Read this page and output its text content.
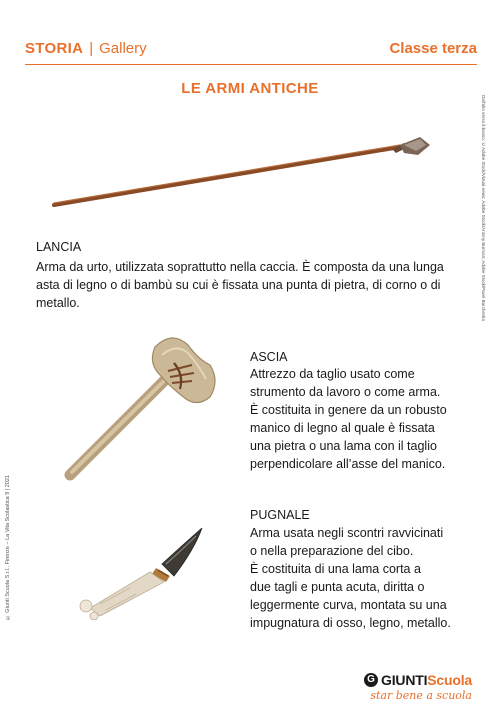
STORIA | Gallery	Classe terza
LE ARMI ANTICHE
Dall'alto verso il basso: ©Adobe Stock/Vizual-news; Adobe Stock/Antony Burman; Adobe Stock/Pavel Burchenko
© Giunti Scuola S.r.l., Firenze – La Vita Scolastica 9 | 2021
LANCIA
Arma da urto, utilizzata soprattutto nella caccia. È composta da una lunga
asta di legno o di bambù su cui è fissata una punta di pietra, di corno o di
metallo.
ASCIA
Attrezzo da taglio usato come
strumento da lavoro o come arma.
È costituita in genere da un robusto
manico di legno al quale è fissata
una pietra o una lama con il taglio
perpendicolare all’asse del manico.
PUGNALE
Arma usata negli scontri ravvicinati
o nella preparazione del cibo.
È costituita di una lama corta a
due tagli e punta acuta, diritta o
leggermente curva, montata su una
impugnatura di osso, legno, metallo.
G GIUNTI Scuola
star bene a scuola
